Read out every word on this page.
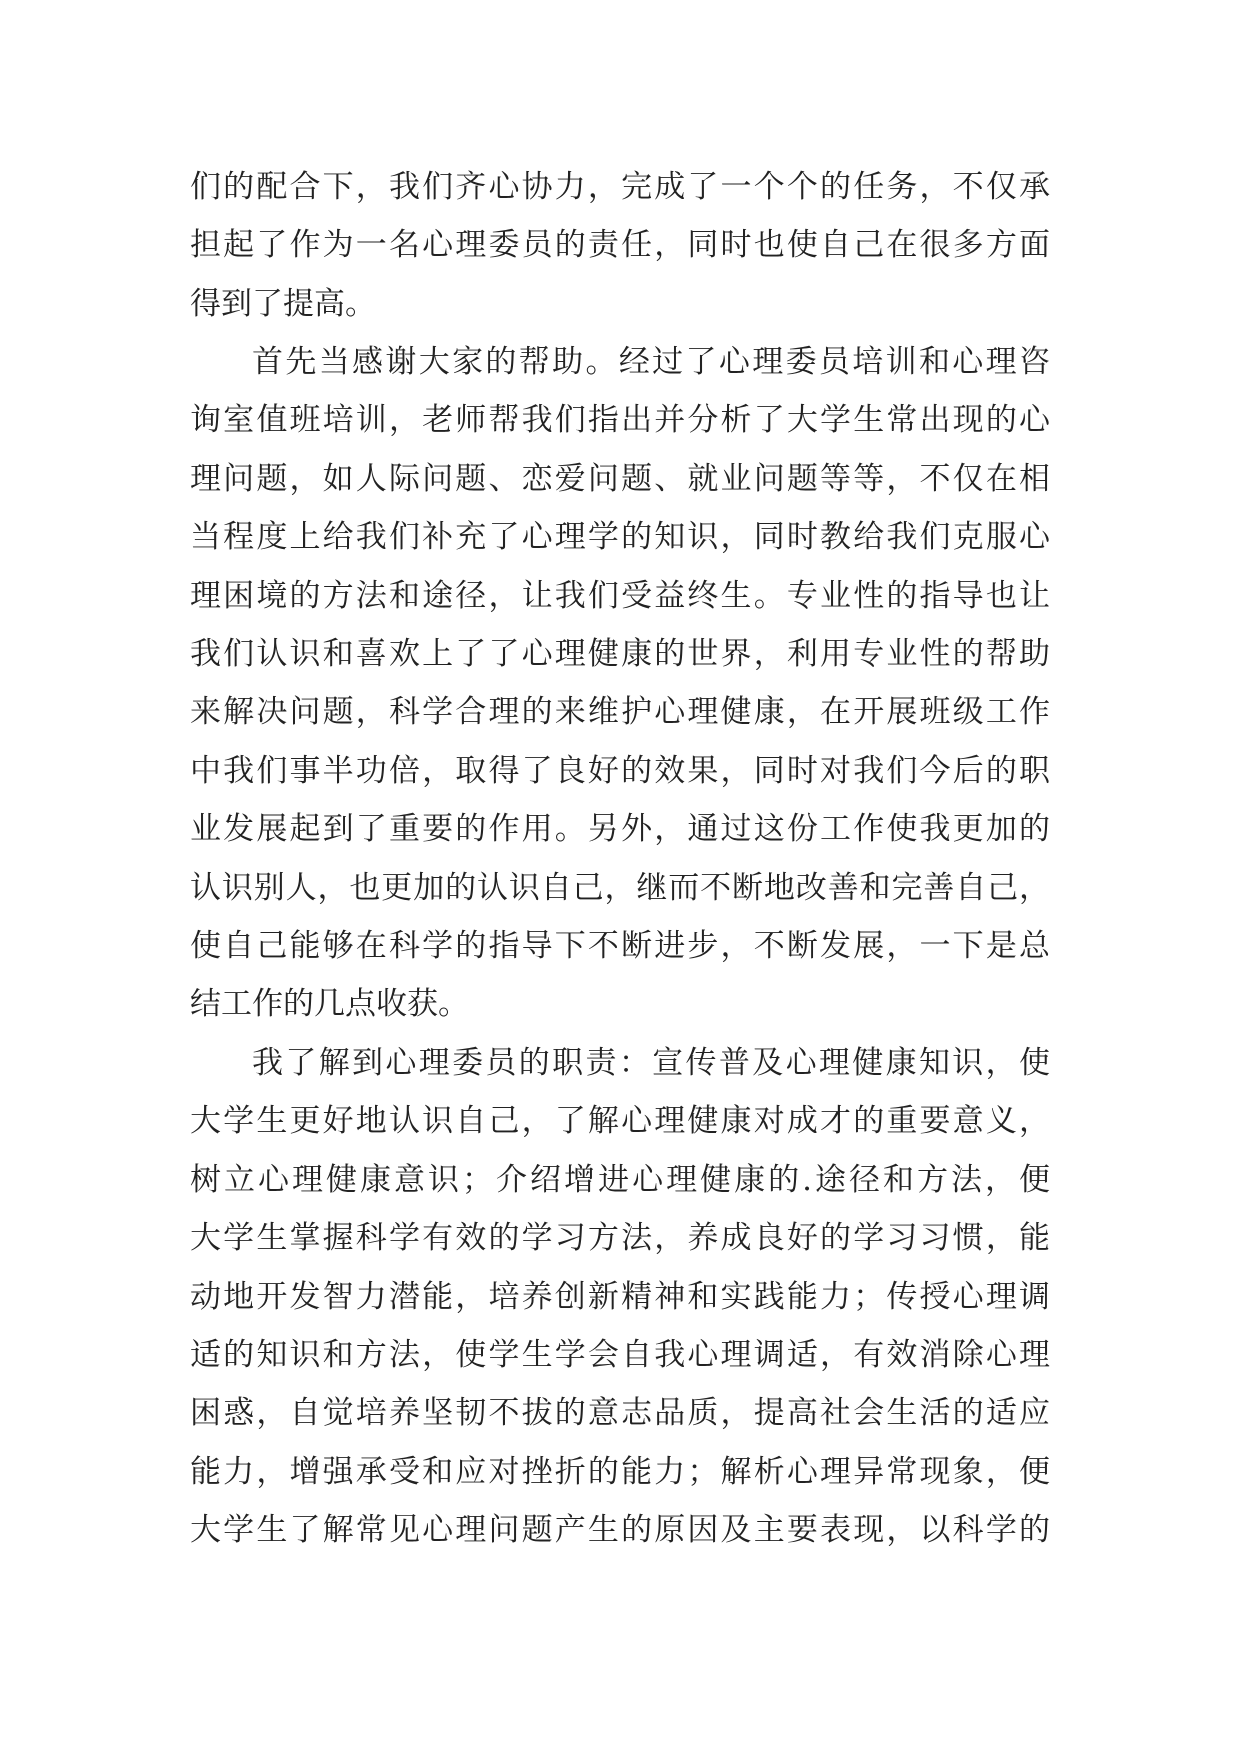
们的配合下，我们齐心协力，完成了一个个的任务，不仅承
担起了作为一名心理委员的责任，同时也使自己在很多方面
得到了提高。
首先当感谢大家的帮助。经过了心理委员培训和心理咨
询室值班培训，老师帮我们指出并分析了大学生常出现的心
理问题，如人际问题、恋爱问题、就业问题等等，不仅在相
当程度上给我们补充了心理学的知识，同时教给我们克服心
理困境的方法和途径，让我们受益终生。专业性的指导也让
我们认识和喜欢上了了心理健康的世界，利用专业性的帮助
来解决问题，科学合理的来维护心理健康，在开展班级工作
中我们事半功倍，取得了良好的效果，同时对我们今后的职
业发展起到了重要的作用。另外，通过这份工作使我更加的
认识别人，也更加的认识自己，继而不断地改善和完善自己，
使自己能够在科学的指导下不断进步，不断发展，一下是总
结工作的几点收获。
我了解到心理委员的职责：宣传普及心理健康知识，使
大学生更好地认识自己，了解心理健康对成才的重要意义，
树立心理健康意识；介绍增进心理健康的.途径和方法，便
大学生掌握科学有效的学习方法，养成良好的学习习惯，能
动地开发智力潜能，培养创新精神和实践能力；传授心理调
适的知识和方法，使学生学会自我心理调适，有效消除心理
困惑，自觉培养坚韧不拔的意志品质，提高社会生活的适应
能力，增强承受和应对挫折的能力；解析心理异常现象，便
大学生了解常见心理问题产生的原因及主要表现，以科学的
